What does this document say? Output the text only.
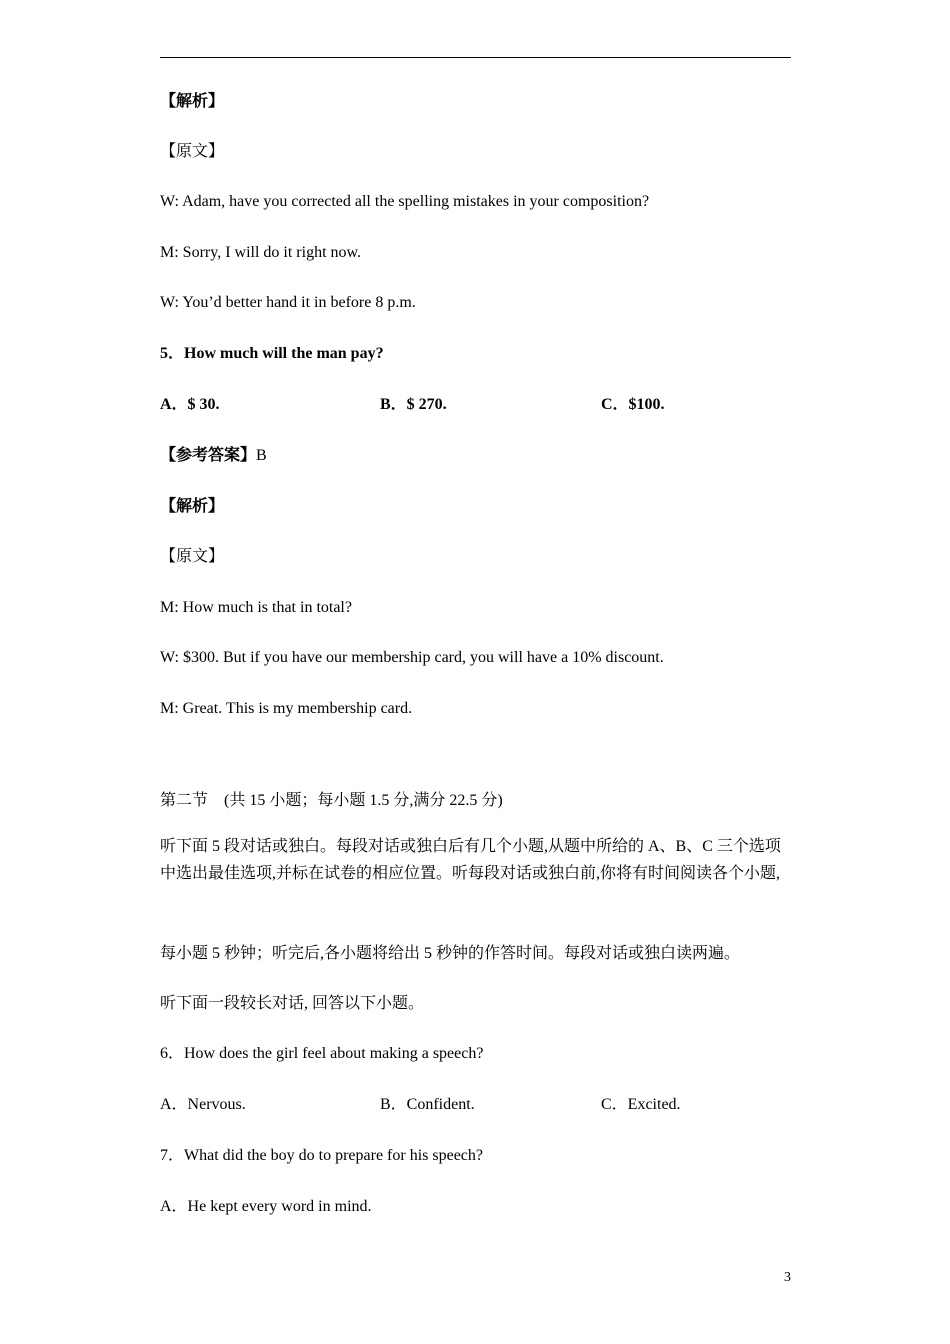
【解析】
【原文】
W: Adam, have you corrected all the spelling mistakes in your composition?
M: Sorry, I will do it right now.
W: You’d better hand it in before 8 p.m.
5．How much will the man pay?
A．$ 30.	B．$ 270.	C．$100.
【参考答案】B
【解析】
【原文】
M: How much is that in total?
W: $300. But if you have our membership card, you will have a 10% discount.
M: Great. This is my membership card.
第二节　(共 15 小题；每小题 1.5 分,满分 22.5 分)
听下面 5 段对话或独白。每段对话或独白后有几个小题,从题中所给的 A、B、C 三个选项中选出最佳选项,并标在试卷的相应位置。听每段对话或独白前,你将有时间阅读各个小题,
每小题 5 秒钟；听完后,各小题将给出 5 秒钟的作答时间。每段对话或独白读两遍。
听下面一段较长对话, 回答以下小题。
6．How does the girl feel about making a speech?
A．Nervous.	B．Confident.	C．Excited.
7．What did the boy do to prepare for his speech?
A．He kept every word in mind.
3
